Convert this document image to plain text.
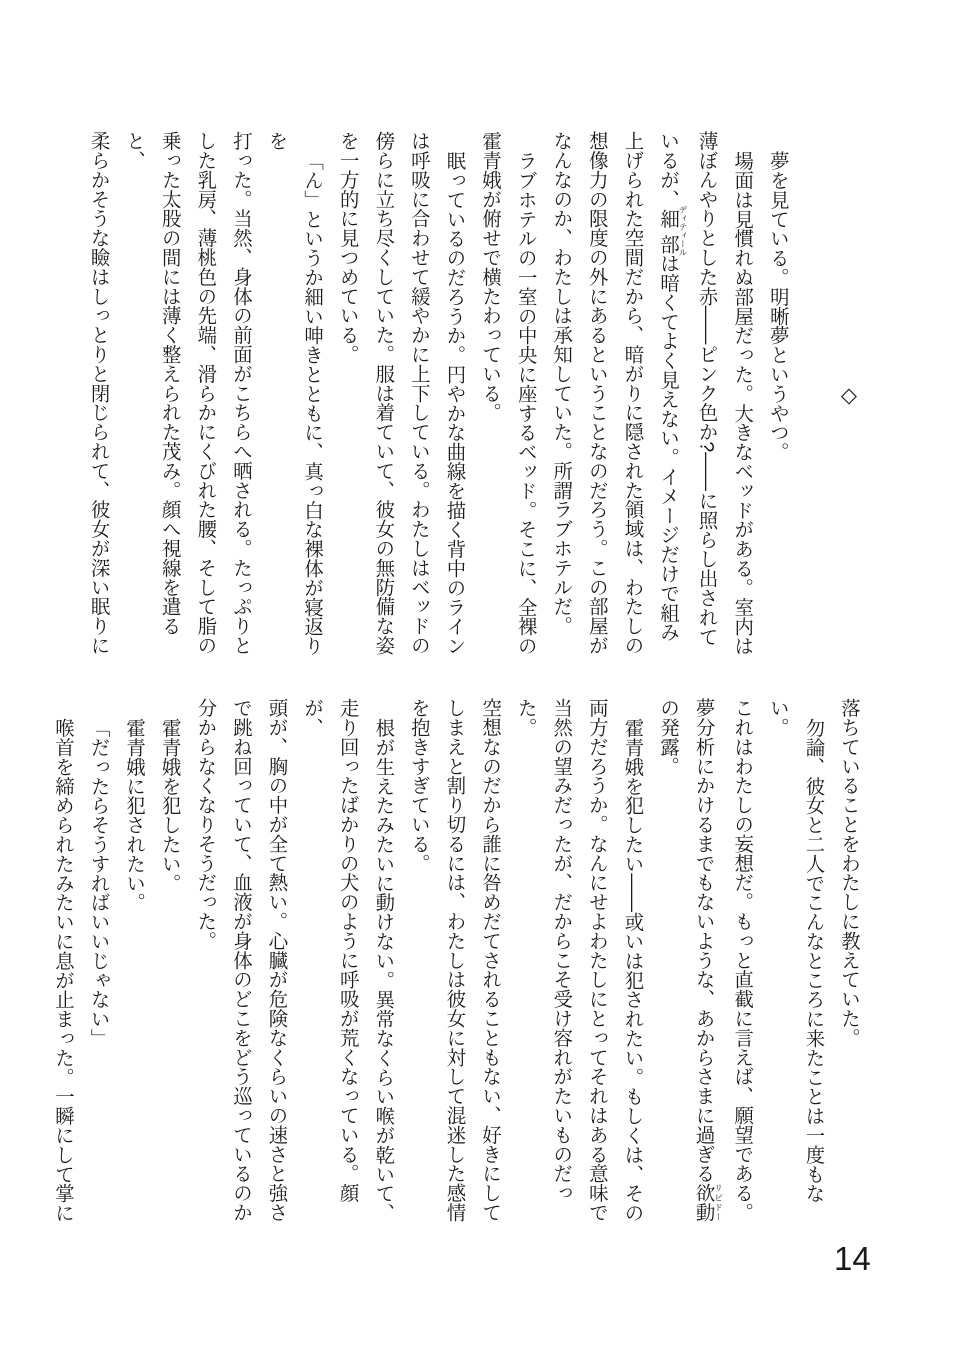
◇

夢を見ている。明晰夢というやつ。

場面は見慣れぬ部屋だった。大きなベッドがある。室内は

薄ぼんやりとした赤――ピンク色か?――に照らし出されて

いるが、細部 ディティールは暗くてよく見えない。イメージだけで組み

上げられた空間だから、暗がりに隠された領域は、わたしの

想像力の限度の外にあるということなのだろう。この部屋が

なんなのか、わたしは承知していた。所謂ラブホテルだ。

ラブホテルの一室の中央に座するベッド。そこに、全裸の

霍青娥が俯せで横たわっている。

眠っているのだろうか。円やかな曲線を描く背中のライン

は呼吸に合わせて緩やかに上下している。わたしはベッドの

傍らに立ち尽くしていた。服は着ていて、彼女の無防備な姿

を一方的に見つめている。

「ん」というか細い呻きとともに、真っ白な裸体が寝返りを

打った。当然、身体の前面がこちらへ晒される。たっぷりと

した乳房、薄桃色の先端、滑らかにくびれた腰、そして脂の

乗った太股の間には薄く整えられた茂み。顔へ視線を遣ると、

柔らかそうな瞼はしっとりと閉じられて、彼女が深い眠りに

落ちていることをわたしに教えていた。

勿論、彼女と二人でこんなところに来たことは一度もない。

これはわたしの妄想だ。もっと直截に言えば、願望である。

夢分析にかけるまでもないような、あからさまに過ぎる欲動 リビドー

の発露。

霍青娥を犯したい――或いは犯されたい。もしくは、その

両方だろうか。なんにせよわたしにとってそれはある意味で

当然の望みだったが、だからこそ受け容れがたいものだった。

空想なのだから誰に咎めだてされることもない、好きにして

しまえと割り切るには、わたしは彼女に対して混迷した感情

を抱きすぎている。

根が生えたみたいに動けない。異常なくらい喉が乾いて、

走り回ったばかりの犬のように呼吸が荒くなっている。顔が、

頭が、胸の中が全て熱い。心臓が危険なくらいの速さと強さ

で跳ね回っていて、血液が身体のどこをどう巡っているのか

分からなくなりそうだった。

霍青娥を犯したい。

霍青娥に犯されたい。

「だったらそうすればいいじゃない」

喉首を締められたみたいに息が止まった。一瞬にして掌に

14
